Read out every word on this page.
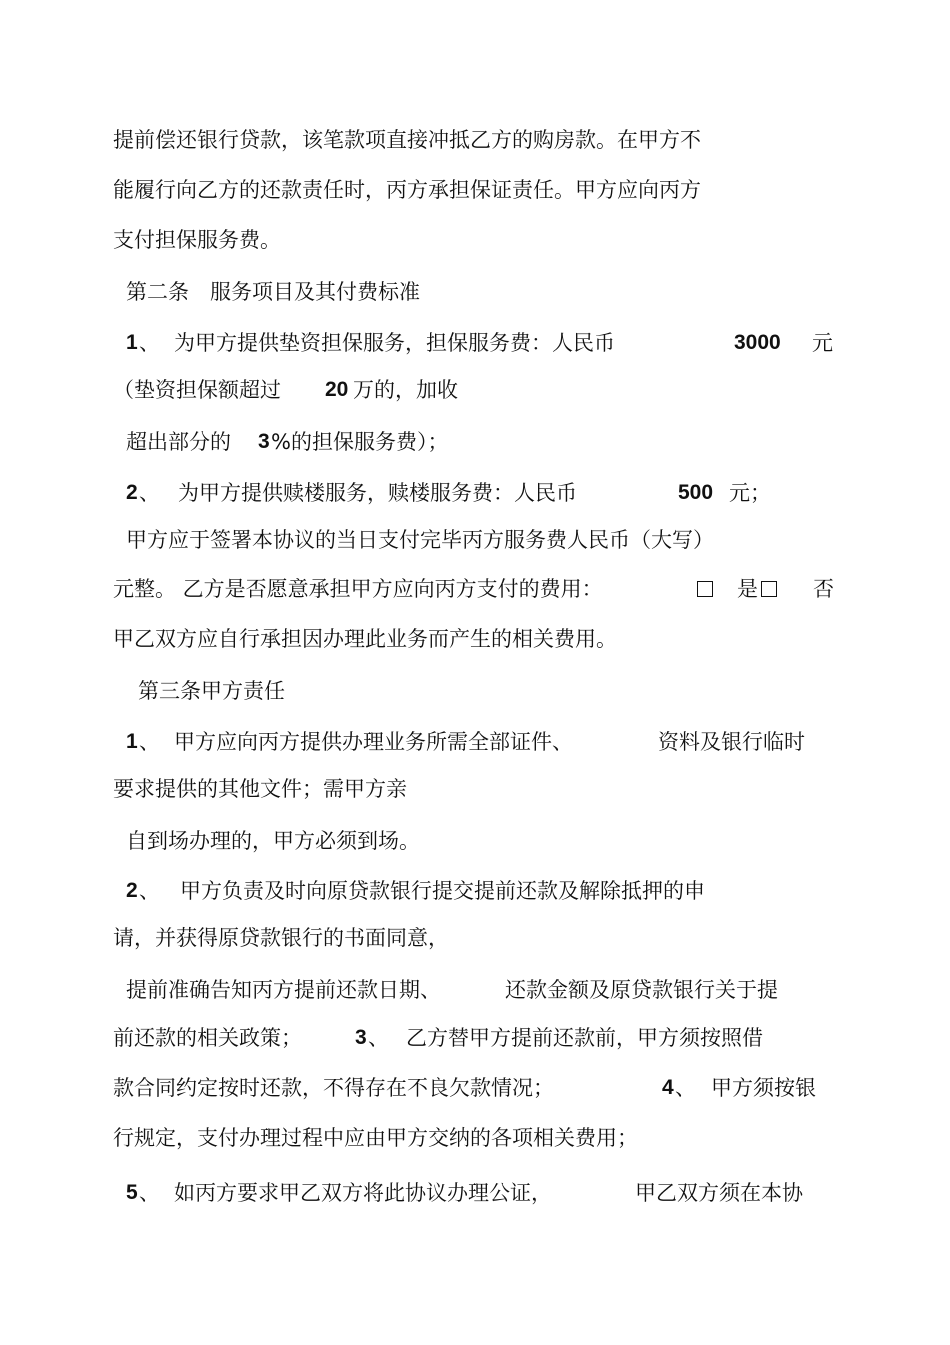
提前偿还银行贷款，该笔款项直接冲抵乙方的购房款。在甲方不
能履行向乙方的还款责任时，丙方承担保证责任。甲方应向丙方
支付担保服务费。
第二条　服务项目及其付费标准
1 、 为甲方提供垫资担保服务，担保服务费：人民币	3000 元
（垫资担保额超过 20 万的，加收
超出部分的 3 %的担保服务费）；
2 、 为甲方提供赎楼服务，赎楼服务费：人民币	500 元；
甲方应于签署本协议的当日支付完毕丙方服务费人民币（大写）
元整。 乙方是否愿意承担甲方应向丙方支付的费用：	是	否
甲乙双方应自行承担因办理此业务而产生的相关费用。
第三条甲方责任
1 、 甲方应向丙方提供办理业务所需全部证件、	资料及银行临时
要求提供的其他文件；需甲方亲
自到场办理的，甲方必须到场。
2 、 甲方负责及时向原贷款银行提交提前还款及解除抵押的申
请，并获得原贷款银行的书面同意，
提前准确告知丙方提前还款日期、	还款金额及原贷款银行关于提
前还款的相关政策；	3 、 乙方替甲方提前还款前，甲方须按照借
款合同约定按时还款，不得存在不良欠款情况；	4 、 甲方须按银
行规定，支付办理过程中应由甲方交纳的各项相关费用；
5 、 如丙方要求甲乙双方将此协议办理公证，	甲乙双方须在本协
